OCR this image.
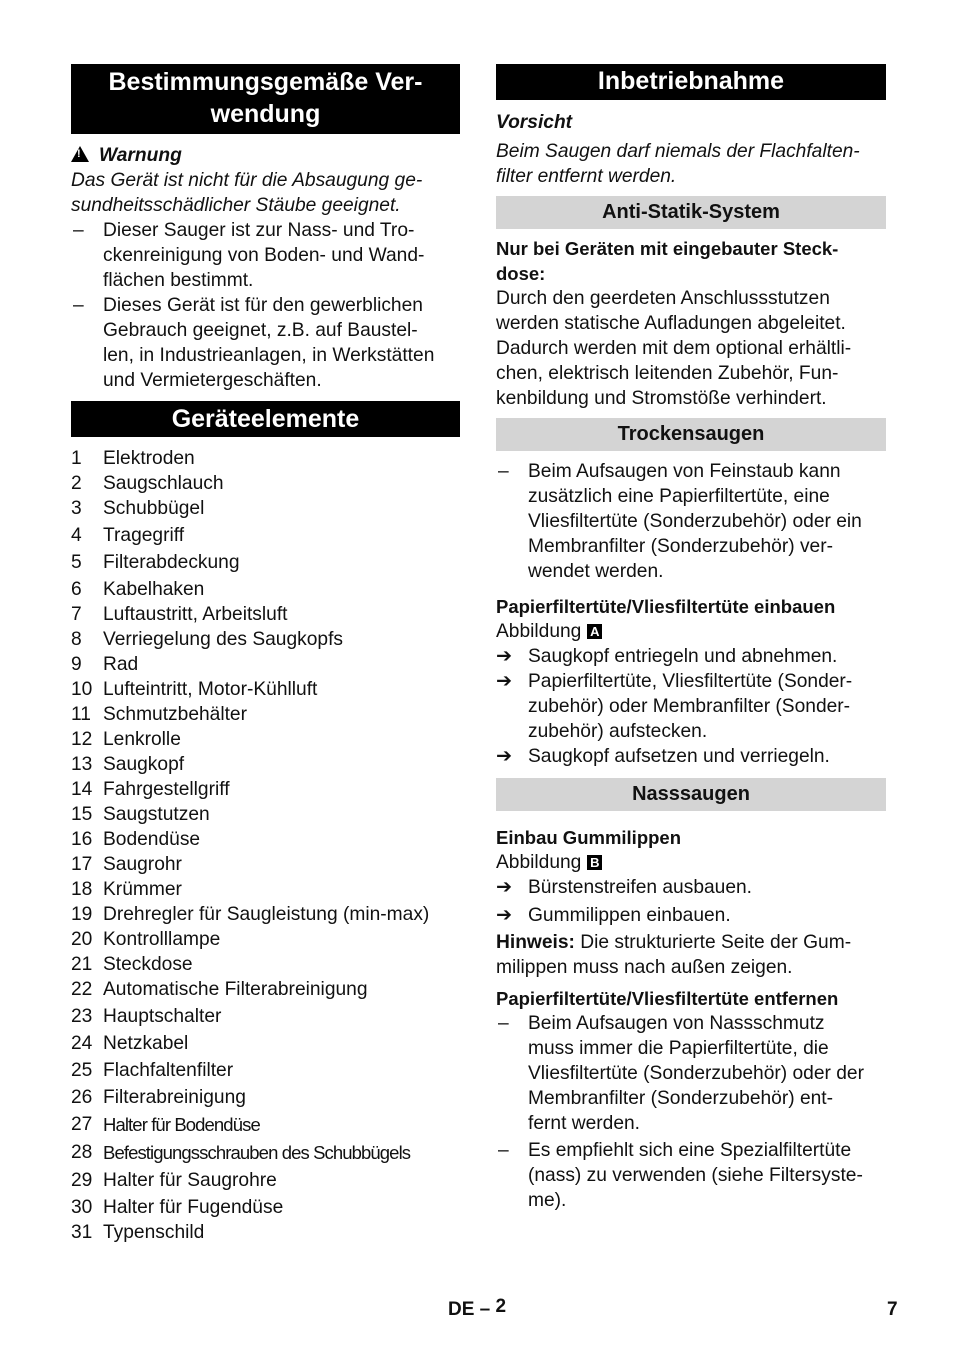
Bestimmungsgemäße Ver-
wendung

!Warnung

Das Gerät ist nicht für die Absaugung ge-
sundheitsschädlicher Stäube geeignet.

–	Dieser Sauger ist zur Nass- und Tro-
ckenreinigung von Boden- und Wand-
flächen bestimmt.
–	Dieses Gerät ist für den gewerblichen
Gebrauch geeignet, z.B. auf Baustel-
len, in Industrieanlagen, in Werkstätten
und Vermietergeschäften.
Geräteelemente
1 Elektroden
2 Saugschlauch
3 Schubbügel
4 Tragegriff
5 Filterabdeckung
6 Kabelhaken
7 Luftaustritt, Arbeitsluft
8 Verriegelung des Saugkopfs
9 Rad
10 Lufteintritt, Motor-Kühlluft
11 Schmutzbehälter
12 Lenkrolle
13 Saugkopf
14 Fahrgestellgriff
15 Saugstutzen
16 Bodendüse
17 Saugrohr
18 Krümmer
19 Drehregler für Saugleistung (min-max)
20 Kontrolllampe
21 Steckdose
22 Automatische Filterabreinigung
23 Hauptschalter
24 Netzkabel
25 Flachfaltenfilter
26 Filterabreinigung
27 Halter für Bodendüse
28 Befestigungsschrauben des Schubbügels
29 Halter für Saugrohre
30 Halter für Fugendüse
31 Typenschild
Inbetriebnahme

Vorsicht

Beim Saugen darf niemals der Flachfalten-
filter entfernt werden.

Anti-Statik-System

Nur bei Geräten mit eingebauter Steck-
dose:

Durch den geerdeten Anschlussstutzen
werden statische Aufladungen abgeleitet.
Dadurch werden mit dem optional erhältli-
chen, elektrisch leitenden Zubehör, Fun-
kenbildung und Stromstöße verhindert.

Trockensaugen
–	Beim Aufsaugen von Feinstaub kann
zusätzlich eine Papierfiltertüte, eine
Vliesfiltertüte (Sonderzubehör) oder ein
Membranfilter (Sonderzubehör) ver-
wendet werden.

Papierfiltertüte/Vliesfiltertüte einbauen

Abbildung A

➔ Saugkopf entriegeln und abnehmen.
➔ Papierfiltertüte, Vliesfiltertüte (Sonder-
zubehör) oder Membranfilter (Sonder-
zubehör) aufstecken.
➔ Saugkopf aufsetzen und verriegeln.
Nasssaugen

Einbau Gummilippen

Abbildung B

➔ Bürstenstreifen ausbauen.
➔ Gummilippen einbauen.

Hinweis: Die strukturierte Seite der Gum-
milippen muss nach außen zeigen.

Papierfiltertüte/Vliesfiltertüte entfernen

–	Beim Aufsaugen von Nassschmutz
muss immer die Papierfiltertüte, die
Vliesfiltertüte (Sonderzubehör) oder der
Membranfilter (Sonderzubehör) ent-
fernt werden.
–	Es empfiehlt sich eine Spezialfiltertüte
(nass) zu verwenden (siehe Filtersyste-
me).
DE – 2	7
